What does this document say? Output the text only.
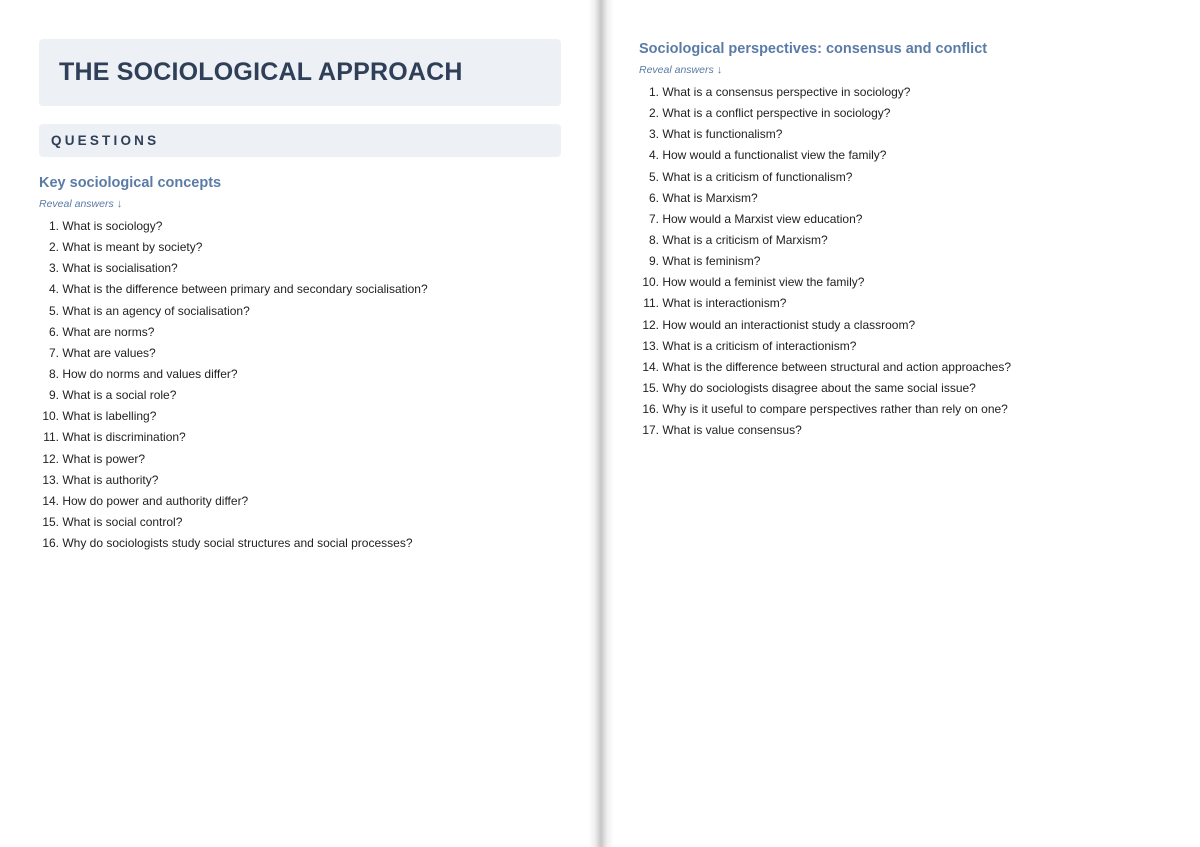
THE SOCIOLOGICAL APPROACH
QUESTIONS
Key sociological concepts
Reveal answers ↓
1.
What is sociology?
2.
What is meant by society?
3.
What is socialisation?
4.
What is the difference between primary and secondary socialisation?
5.
What is an agency of socialisation?
6.
What are norms?
7.
What are values?
8.
How do norms and values differ?
9.
What is a social role?
10.
What is labelling?
11.
What is discrimination?
12.
What is power?
13.
What is authority?
14.
How do power and authority differ?
15.
What is social control?
16.
Why do sociologists study social structures and social processes?
Sociological perspectives: consensus and conflict
Reveal answers ↓
1.
What is a consensus perspective in sociology?
2.
What is a conflict perspective in sociology?
3.
What is functionalism?
4.
How would a functionalist view the family?
5.
What is a criticism of functionalism?
6.
What is Marxism?
7.
How would a Marxist view education?
8.
What is a criticism of Marxism?
9.
What is feminism?
10.
How would a feminist view the family?
11.
What is interactionism?
12.
How would an interactionist study a classroom?
13.
What is a criticism of interactionism?
14.
What is the difference between structural and action approaches?
15.
Why do sociologists disagree about the same social issue?
16.
Why is it useful to compare perspectives rather than rely on one?
17.
What is value consensus?
